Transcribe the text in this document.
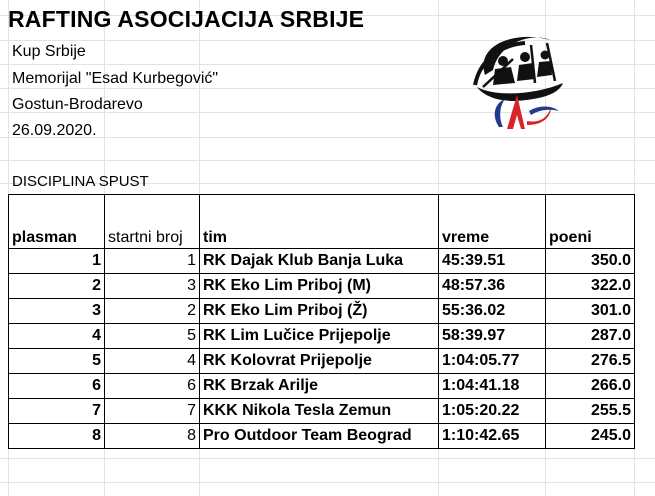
RAFTING ASOCIJACIJA SRBIJE
Kup Srbije
Memorijal "Esad Kurbegović"
Gostun-Brodarevo
26.09.2020.
DISCIPLINA SPUST
plasman	startni broj	tim	vreme	poeni
1	1	RK Dajak Klub Banja Luka	45:39.51	350.0
2	3	RK Eko Lim Priboj (M)	48:57.36	322.0
3	2	RK Eko Lim Priboj (Ž)	55:36.02	301.0
4	5	RK Lim Lučice Prijepolje	58:39.97	287.0
5	4	RK Kolovrat Prijepolje	1:04:05.77	276.5
6	6	RK Brzak Arilje	1:04:41.18	266.0
7	7	KKK Nikola Tesla Zemun	1:05:20.22	255.5
8	8	Pro Outdoor Team Beograd	1:10:42.65	245.0
